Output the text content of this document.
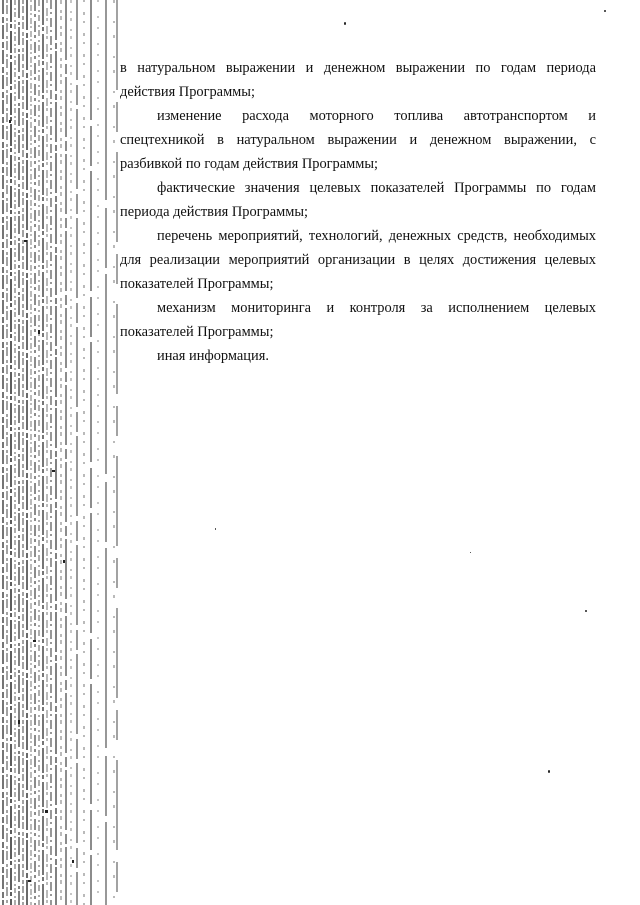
в натуральном выражении и денежном выражении по годам периода действия Программы;

изменение расхода моторного топлива автотранспортом и спецтехникой в натуральном выражении и денежном выражении, с разбивкой по годам действия Программы;

фактические значения целевых показателей Программы по годам периода действия Программы;

перечень мероприятий, технологий, денежных средств, необходимых для реализации мероприятий организации в целях достижения целевых показателей Программы;

механизм мониторинга и контроля за исполнением целевых показателей Программы;

иная информация.
